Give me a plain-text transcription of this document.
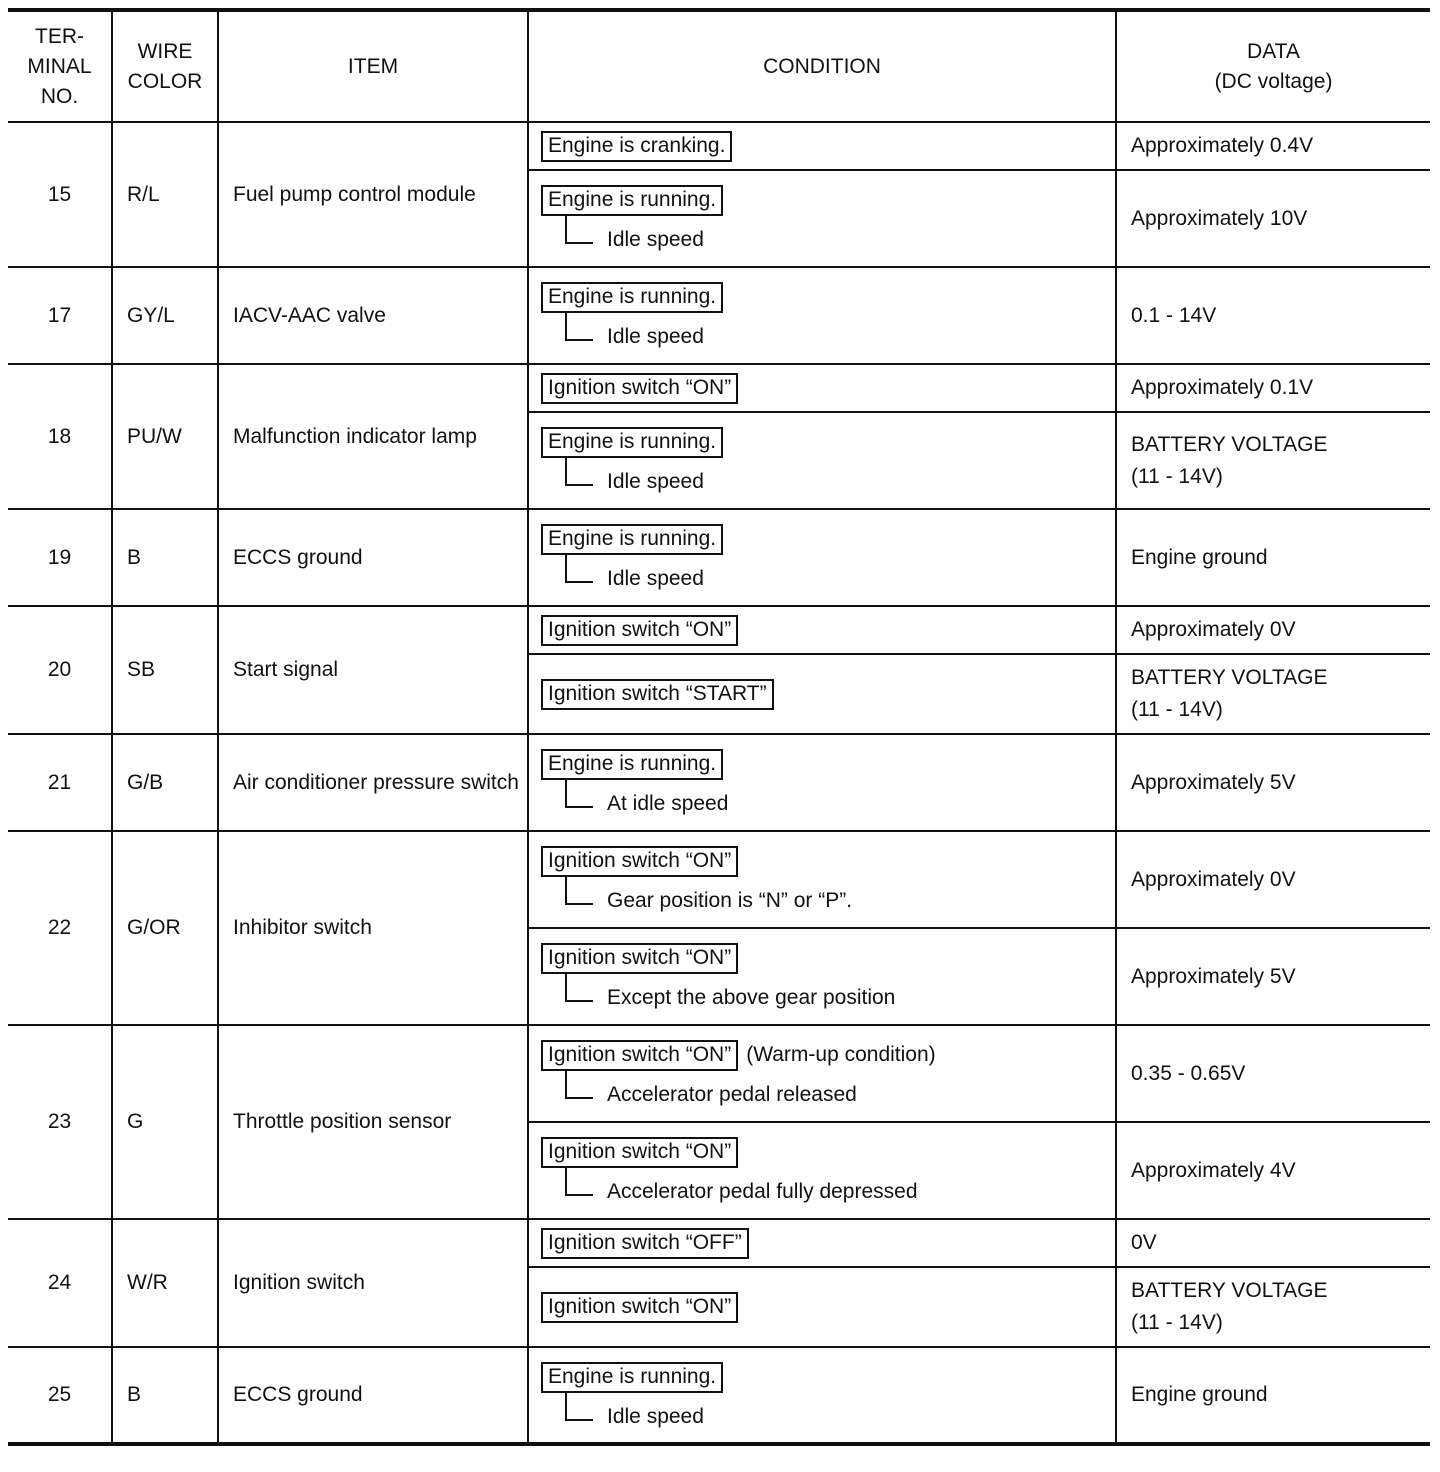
TER-
MINAL
NO.	WIRE
COLOR	ITEM	CONDITION	DATA
(DC voltage)

15	R/L	Fuel pump control module	Engine is cranking.	Approximately 0.4V

			Engine is running.
Idle speed	Approximately 10V

17	GY/L	IACV-AAC valve	Engine is running.
Idle speed	0.1 - 14V

18	PU/W	Malfunction indicator lamp	Ignition switch “ON”	Approximately 0.1V

			Engine is running.
Idle speed	BATTERY VOLTAGE
(11 - 14V)

19	B	ECCS ground	Engine is running.
Idle speed	Engine ground

20	SB	Start signal	Ignition switch “ON”	Approximately 0V

			Ignition switch “START”	BATTERY VOLTAGE
(11 - 14V)

21	G/B	Air conditioner pressure switch	Engine is running.
At idle speed	Approximately 5V

22	G/OR	Inhibitor switch	Ignition switch “ON”
Gear position is “N” or “P”.	Approximately 0V

			Ignition switch “ON”
Except the above gear position	Approximately 5V

23	G	Throttle position sensor	Ignition switch “ON” (Warm-up condition)
Accelerator pedal released	0.35 - 0.65V

			Ignition switch “ON”
Accelerator pedal fully depressed	Approximately 4V

24	W/R	Ignition switch	Ignition switch “OFF”	0V

			Ignition switch “ON”	BATTERY VOLTAGE
(11 - 14V)

25	B	ECCS ground	Engine is running.
Idle speed	Engine ground
